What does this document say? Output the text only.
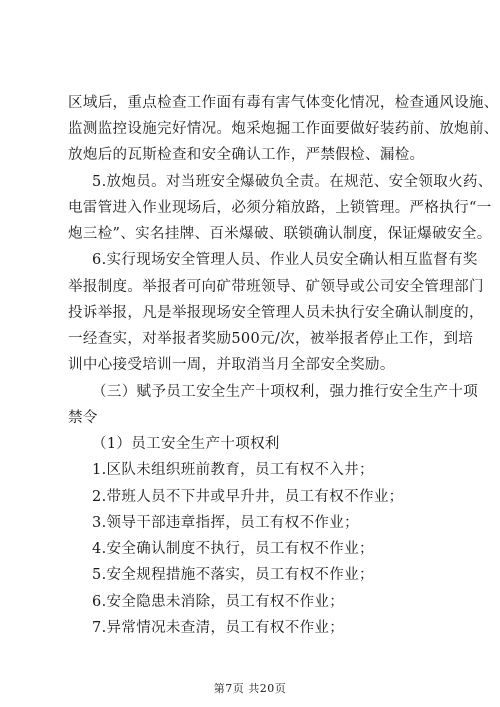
区域后，重点检查工作面有毒有害气体变化情况，检查通风设施、
监测监控设施完好情况。炮采炮掘工作面要做好装药前、放炮前、
放炮后的瓦斯检查和安全确认工作，严禁假检、漏检。
5.放炮员。对当班安全爆破负全责。在规范、安全领取火药、
电雷管进入作业现场后，必须分箱放路，上锁管理。严格执行“一
炮三检”、实名挂牌、百米爆破、联锁确认制度，保证爆破安全。
6.实行现场安全管理人员、作业人员安全确认相互监督有奖
举报制度。举报者可向矿带班领导、矿领导或公司安全管理部门
投诉举报，凡是举报现场安全管理人员未执行安全确认制度的，
一经查实，对举报者奖励500元/次，被举报者停止工作，到培
训中心接受培训一周，并取消当月全部安全奖励。
（三）赋予员工安全生产十项权利，强力推行安全生产十项
禁令
（1）员工安全生产十项权利
1.区队未组织班前教育，员工有权不入井；
2.带班人员不下井或早升井，员工有权不作业；
3.领导干部违章指挥，员工有权不作业；
4.安全确认制度不执行，员工有权不作业；
5.安全规程措施不落实，员工有权不作业；
6.安全隐患未消除，员工有权不作业；
7.异常情况未查清，员工有权不作业；
第7页 共20页
